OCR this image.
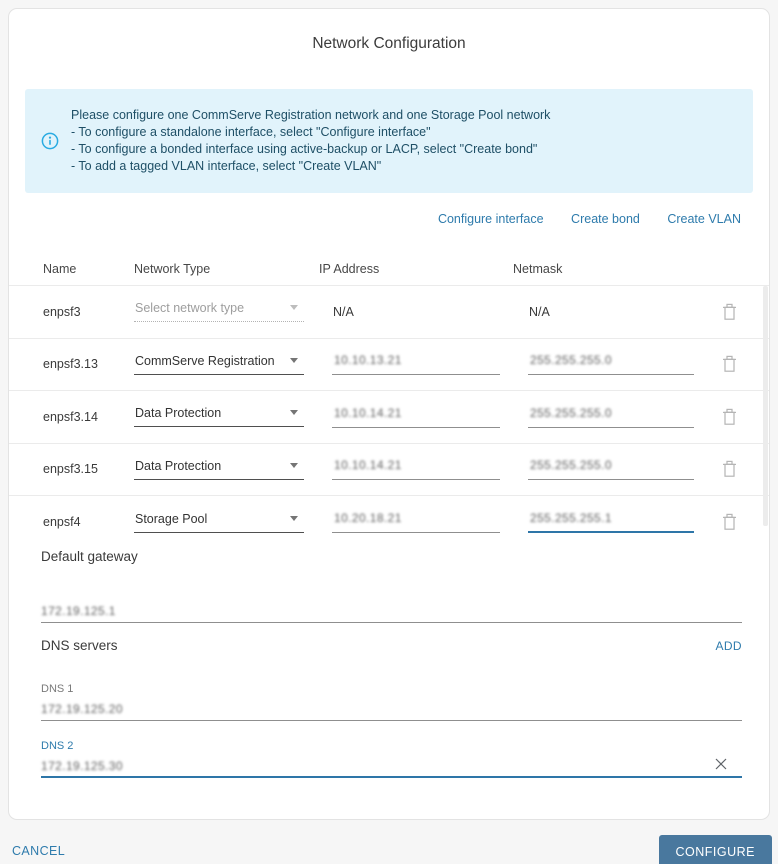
Network Configuration
Please configure one CommServe Registration network and one Storage Pool network
- To configure a standalone interface, select "Configure interface"
- To configure a bonded interface using active-backup or LACP, select "Create bond"
- To add a tagged VLAN interface, select "Create VLAN"
Configure interface Create bond Create VLAN
Name	Network Type	IP Address	Netmask
enpsf3	Select network type	N/A	N/A
enpsf3.13	CommServe Registration	10.10.13.21	255.255.255.0
enpsf3.14	Data Protection	10.10.14.21	255.255.255.0
enpsf3.15	Data Protection	10.10.14.21	255.255.255.0
enpsf4	Storage Pool	10.20.18.21	255.255.255.1
Default gateway
172.19.125.1
DNS servers	ADD
DNS 1
172.19.125.20
DNS 2
172.19.125.30
CANCEL	CONFIGURE
